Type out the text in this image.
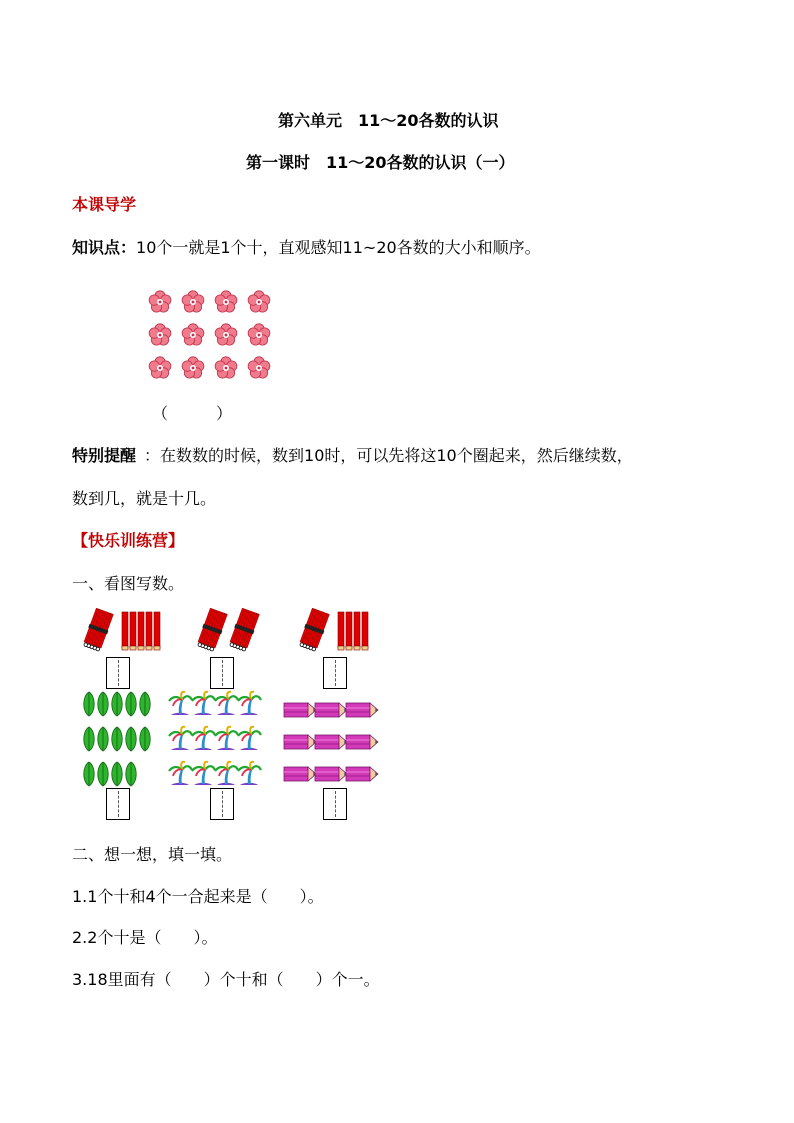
第六单元　11～20各数的认识
第一课时　11～20各数的认识（一）
本课导学
知识点：10个一就是1个十，直观感知11~20各数的大小和顺序。
（　　　）
特别提醒 ：在数数的时候，数到10时，可以先将这10个圈起来，然后继续数，
数到几，就是十几。
【快乐训练营】
一、看图写数。
二、想一想，填一填。
1.1个十和4个一合起来是（　　）。
2.2个十是（　　）。
3.18里面有（　　）个十和（　　）个一。
